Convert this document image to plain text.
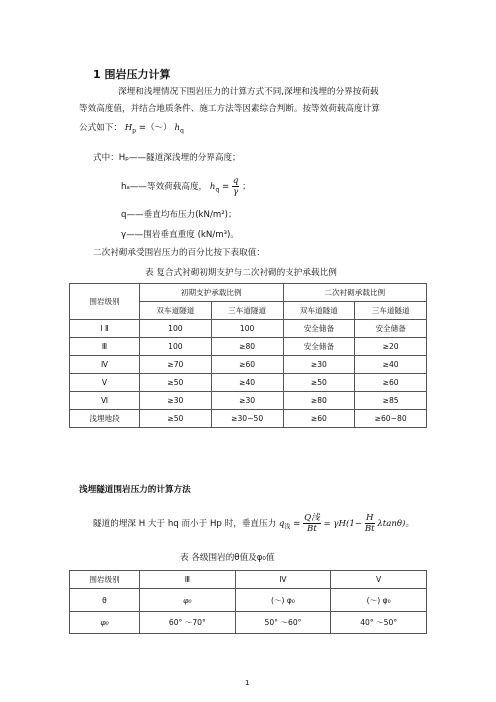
1 围岩压力计算
深埋和浅埋情况下围岩压力的计算方式不同,深埋和浅埋的分界按荷载
等效高度值，并结合地质条件、施工方法等因素综合判断。按等效荷载高度计算
公式如下： $H_p$ =（～） $h_q$
式中：Hₚ——隧道深浅埋的分界高度；
hₐ——等效荷载高度， $h_q = \frac{q}{\gamma}$ ；
q——垂直均布压力(kN/m²)；
γ——围岩垂直重度 (kN/m³)。
二次衬砌承受围岩压力的百分比按下表取值：
表 复合式衬砌初期支护与二次衬砌的支护承载比例
围岩级别	初期支护承载比例		二次衬砌承载比例	
	双车道隧道	三车道隧道	双车道隧道	三车道隧道
Ⅰ Ⅱ	100	100	安全储备	安全储备
Ⅲ	100	≥80	安全储备	≥20
Ⅳ	≥70	≥60	≥30	≥40
Ⅴ	≥50	≥40	≥50	≥60
Ⅵ	≥30	≥30	≥80	≥85
浅埋地段	≥50	≥30~50	≥60	≥60~80
浅埋隧道围岩压力的计算方法
隧道的埋深 H 大于 hq 而小于 Hp 时，垂直压力 $q_浅 = \frac{\text{Q浅}}{Bt} = \gamma H(1- \frac{H}{Bt} \lambda\tan\theta)$。
表 各级围岩的θ值及φ₀值
围岩级别	Ⅲ	Ⅳ	Ⅴ
θ	φ₀	(～) φ₀	(～) φ₀
φ₀	60° ～70°	50° ～60°	40° ～50°
1
